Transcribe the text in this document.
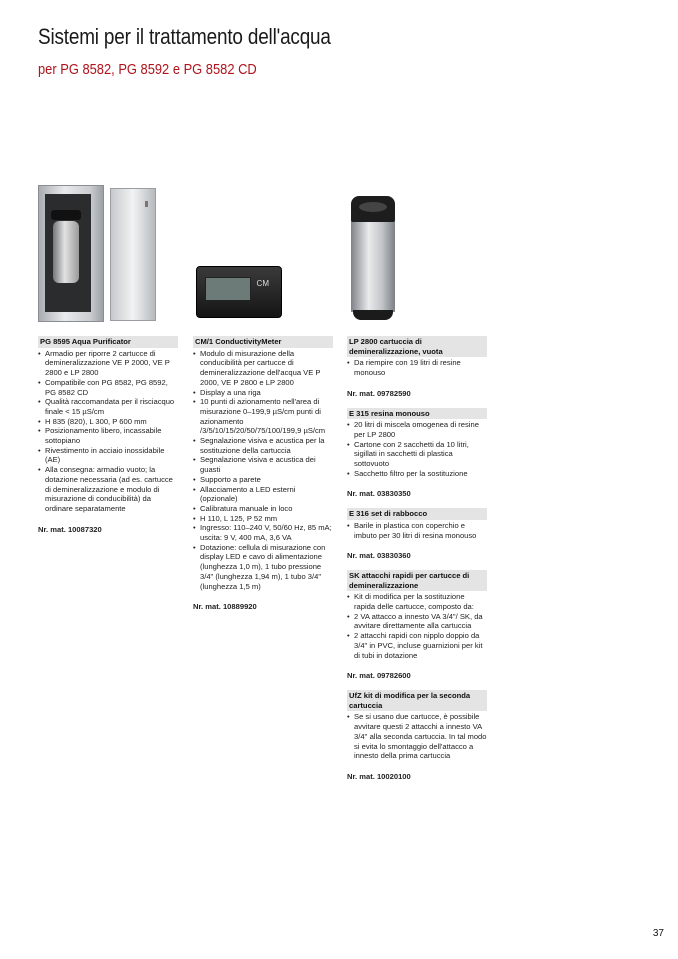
Sistemi per il trattamento dell'acqua
per PG 8582, PG 8592 e PG 8582 CD
CM
PG 8595 Aqua Purificator
• Armadio per riporre 2 cartucce di demineralizzazione VE P 2000, VE P 2800 e LP 2800
• Compatibile con PG 8582, PG 8592, PG 8582 CD
• Qualità raccomandata per il risciacquo finale < 15 µS/cm
• H 835 (820), L 300, P 600 mm
• Posizionamento libero, incassabile sottopiano
• Rivestimento in acciaio inossidabile (AE)
• Alla consegna: armadio vuoto; la dotazione necessaria (ad es. cartucce di demineralizzazione e modulo di misurazione di conducibilità) da ordinare separatamente
Nr. mat. 10087320
CM/1 ConductivityMeter
• Modulo di misurazione della conducibilità per cartucce di demineralizzazione dell'acqua VE P 2000, VE P 2800 e LP 2800
• Display a una riga
• 10 punti di azionamento nell'area di misurazione 0–199,9 µS/cm punti di azionamento /3/5/10/15/20/50/75/100/199,9 µS/cm
• Segnalazione visiva e acustica per la sostituzione della cartuccia
• Segnalazione visiva e acustica dei guasti
• Supporto a parete
• Allacciamento a LED esterni (opzionale)
• Calibratura manuale in loco
• H 110, L 125, P 52 mm
• Ingresso: 110–240 V, 50/60 Hz, 85 mA; uscita: 9 V, 400 mA, 3,6 VA
• Dotazione: cellula di misurazione con display LED e cavo di alimentazione (lunghezza 1,0 m), 1 tubo pressione 3/4" (lunghezza 1,94 m), 1 tubo 3/4" (lunghezza 1,5 m)
Nr. mat. 10889920
LP 2800 cartuccia di demineralizzazione, vuota
• Da riempire con 19 litri di resine monouso
Nr. mat. 09782590
E 315 resina monouso
• 20 litri di miscela omogenea di resine per LP 2800
• Cartone con 2 sacchetti da 10 litri, sigillati in sacchetti di plastica sottovuoto
• Sacchetto filtro per la sostituzione
Nr. mat. 03830350
E 316 set di rabbocco
• Barile in plastica con coperchio e imbuto per 30 litri di resina monouso
Nr. mat. 03830360
SK attacchi rapidi per cartucce di demineralizzazione
• Kit di modifica per la sostituzione rapida delle cartucce, composto da:
• 2 VA attacco a innesto VA 3/4"/ SK, da avvitare direttamente alla cartuccia
• 2 attacchi rapidi con nipplo doppio da 3/4" in PVC, incluse guarnizioni per kit di tubi in dotazione
Nr. mat. 09782600
UfZ kit di modifica per la seconda cartuccia
• Se si usano due cartucce, è possibile avvitare questi 2 attacchi a innesto VA 3/4'' alla seconda cartuccia. In tal modo si evita lo smontaggio dell'attacco a innesto della prima cartuccia
Nr. mat. 10020100
37
